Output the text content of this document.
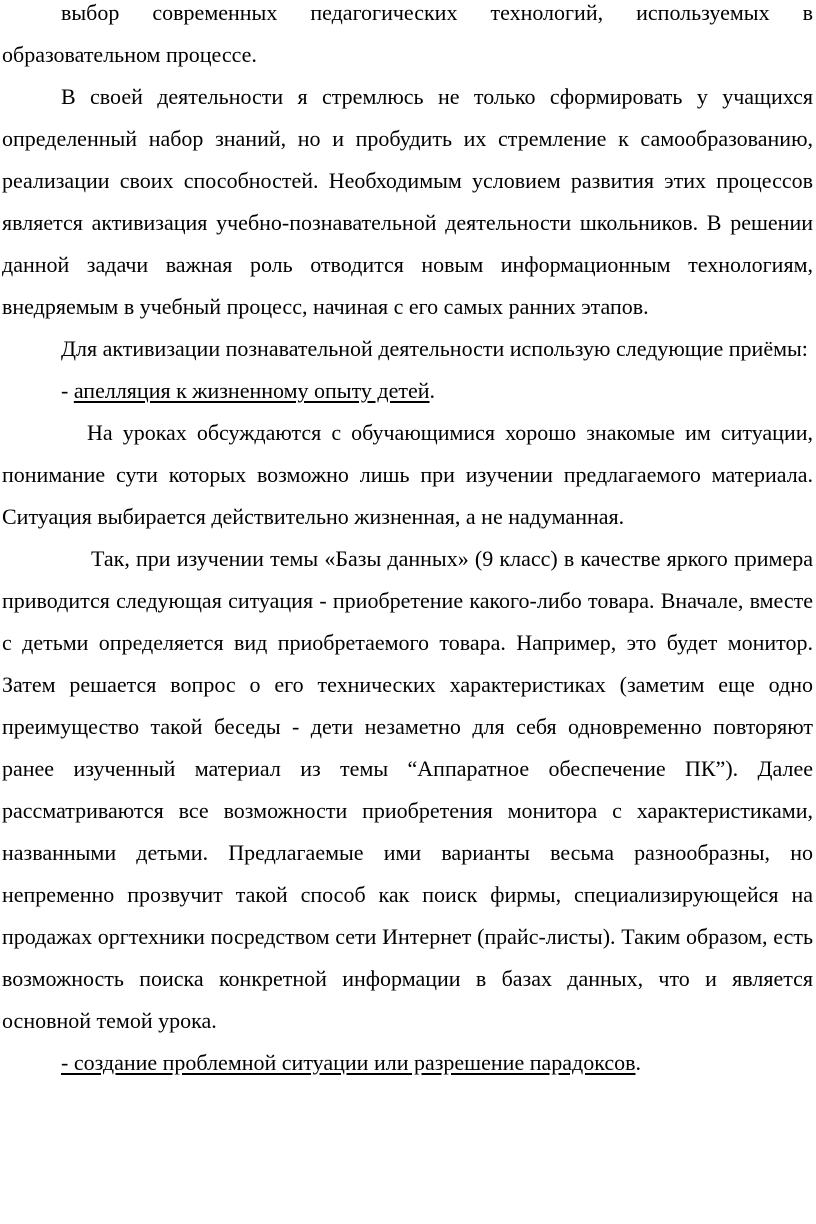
выбор современных педагогических технологий, используемых в образовательном процессе.

В своей деятельности я стремлюсь не только сформировать у учащихся определенный набор знаний, но и пробудить их стремление к самообразованию, реализации своих способностей. Необходимым условием развития этих процессов является активизация учебно-познавательной деятельности школьников. В решении данной задачи важная роль отводится новым информационным технологиям, внедряемым в учебный процесс, начиная с его самых ранних этапов.

Для активизации познавательной деятельности использую следующие приёмы:

- апелляция к жизненному опыту детей.

На уроках обсуждаются с обучающимися хорошо знакомые им ситуации, понимание сути которых возможно лишь при изучении предлагаемого материала. Ситуация выбирается действительно жизненная, а не надуманная.

Так, при изучении темы «Базы данных» (9 класс) в качестве яркого примера приводится следующая ситуация - приобретение какого-либо товара. Вначале, вместе с детьми определяется вид приобретаемого товара. Например, это будет монитор. Затем решается вопрос о его технических характеристиках (заметим еще одно преимущество такой беседы - дети незаметно для себя одновременно повторяют ранее изученный материал из темы “Аппаратное обеспечение ПК”). Далее рассматриваются все возможности приобретения монитора с характеристиками, названными детьми. Предлагаемые ими варианты весьма разнообразны, но непременно прозвучит такой способ как поиск фирмы, специализирующейся на продажах оргтехники посредством сети Интернет (прайс-листы). Таким образом, есть возможность поиска конкретной информации в базах данных, что и является основной темой урока.

- создание проблемной ситуации или разрешение парадоксов.
